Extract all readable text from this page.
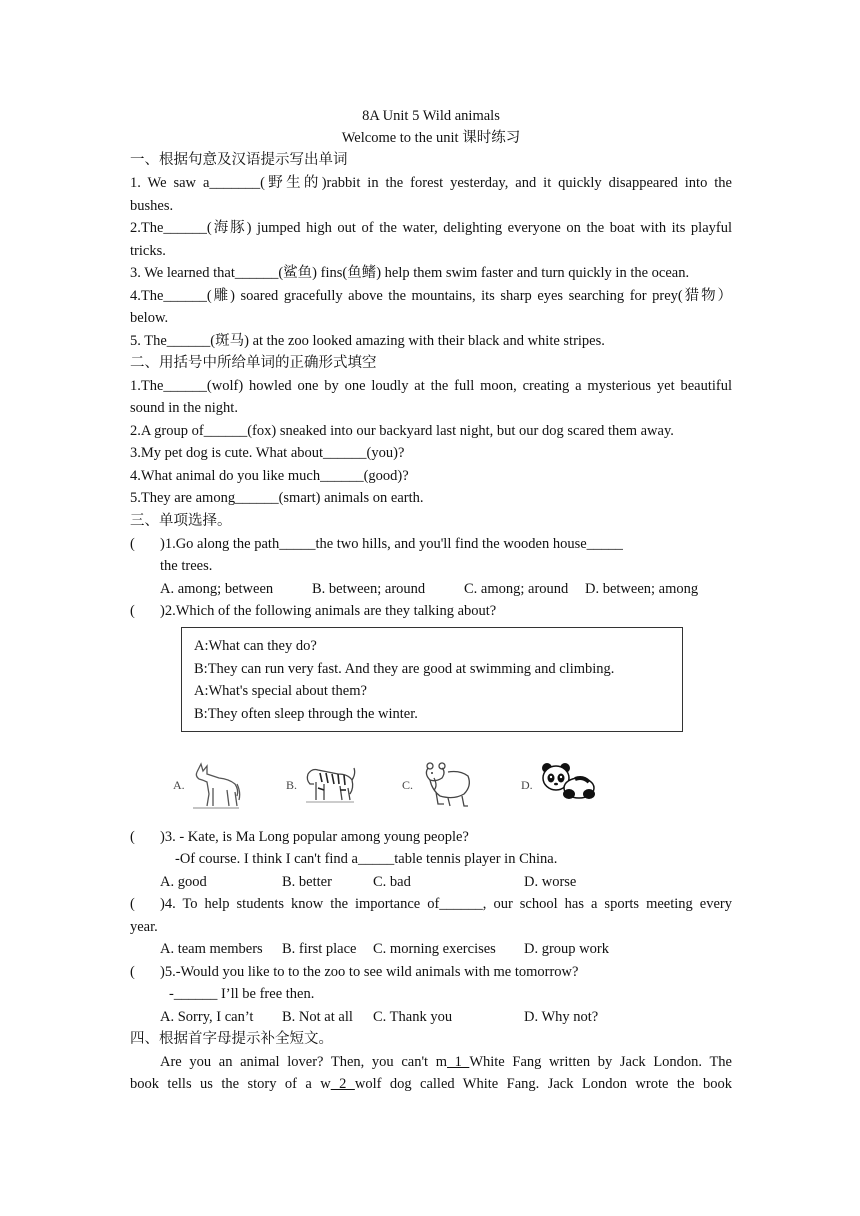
8A Unit 5 Wild animals
Welcome to the unit 课时练习
一、根据句意及汉语提示写出单词
1. We saw a_______(野生的)rabbit in the forest yesterday, and it quickly disappeared into the
bushes.
2.The______(海豚) jumped high out of the water, delighting everyone on the boat with its playful
tricks.
3. We learned that______(鲨鱼) fins(鱼鳍) help them swim faster and turn quickly in the ocean.
4.The______(雕) soared gracefully above the mountains, its sharp eyes searching for prey(猎物）
below.
5. The______(斑马) at the zoo looked amazing with their black and white stripes.
二、用括号中所给单词的正确形式填空
1.The______(wolf) howled one by one loudly at the full moon, creating a mysterious yet beautiful
sound in the night.
2.A group of______(fox) sneaked into our backyard last night, but our dog scared them away.
3.My pet dog is cute. What about______(you)?
4.What animal do you like much______(good)?
5.They are among______(smart) animals on earth.
三、单项选择。
( )1.Go along the path_____the two hills, and you'll find the wooden house_____
the trees.
A. among; between	B. between; around	C. among; around D. between; among
( )2.Which of the following animals are they talking about?
A:What can they do?
B:They can run very fast. And they are good at swimming and climbing.
A:What's special about them?
B:They often sleep through the winter.
A.	B.	C.	D.
( )3. - Kate, is Ma Long popular among young people?
-Of course. I think I can't find a_____table tennis player in China.
A. good	B. better	C. bad	D. worse
( )4. To help students know the importance of______, our school has a sports meeting every
year.
A. team members B. first place C. morning exercises D. group work
( )5.-Would you like to to the zoo to see wild animals with me tomorrow?
-______ I’ll be free then.
A. Sorry, I can’t B. Not at all C. Thank you	D. Why not?
四、根据首字母提示补全短文。
Are you an animal lover? Then, you can't m 1 White Fang written by Jack London. The
book tells us the story of a w 2 wolf dog called White Fang. Jack London wrote the book
